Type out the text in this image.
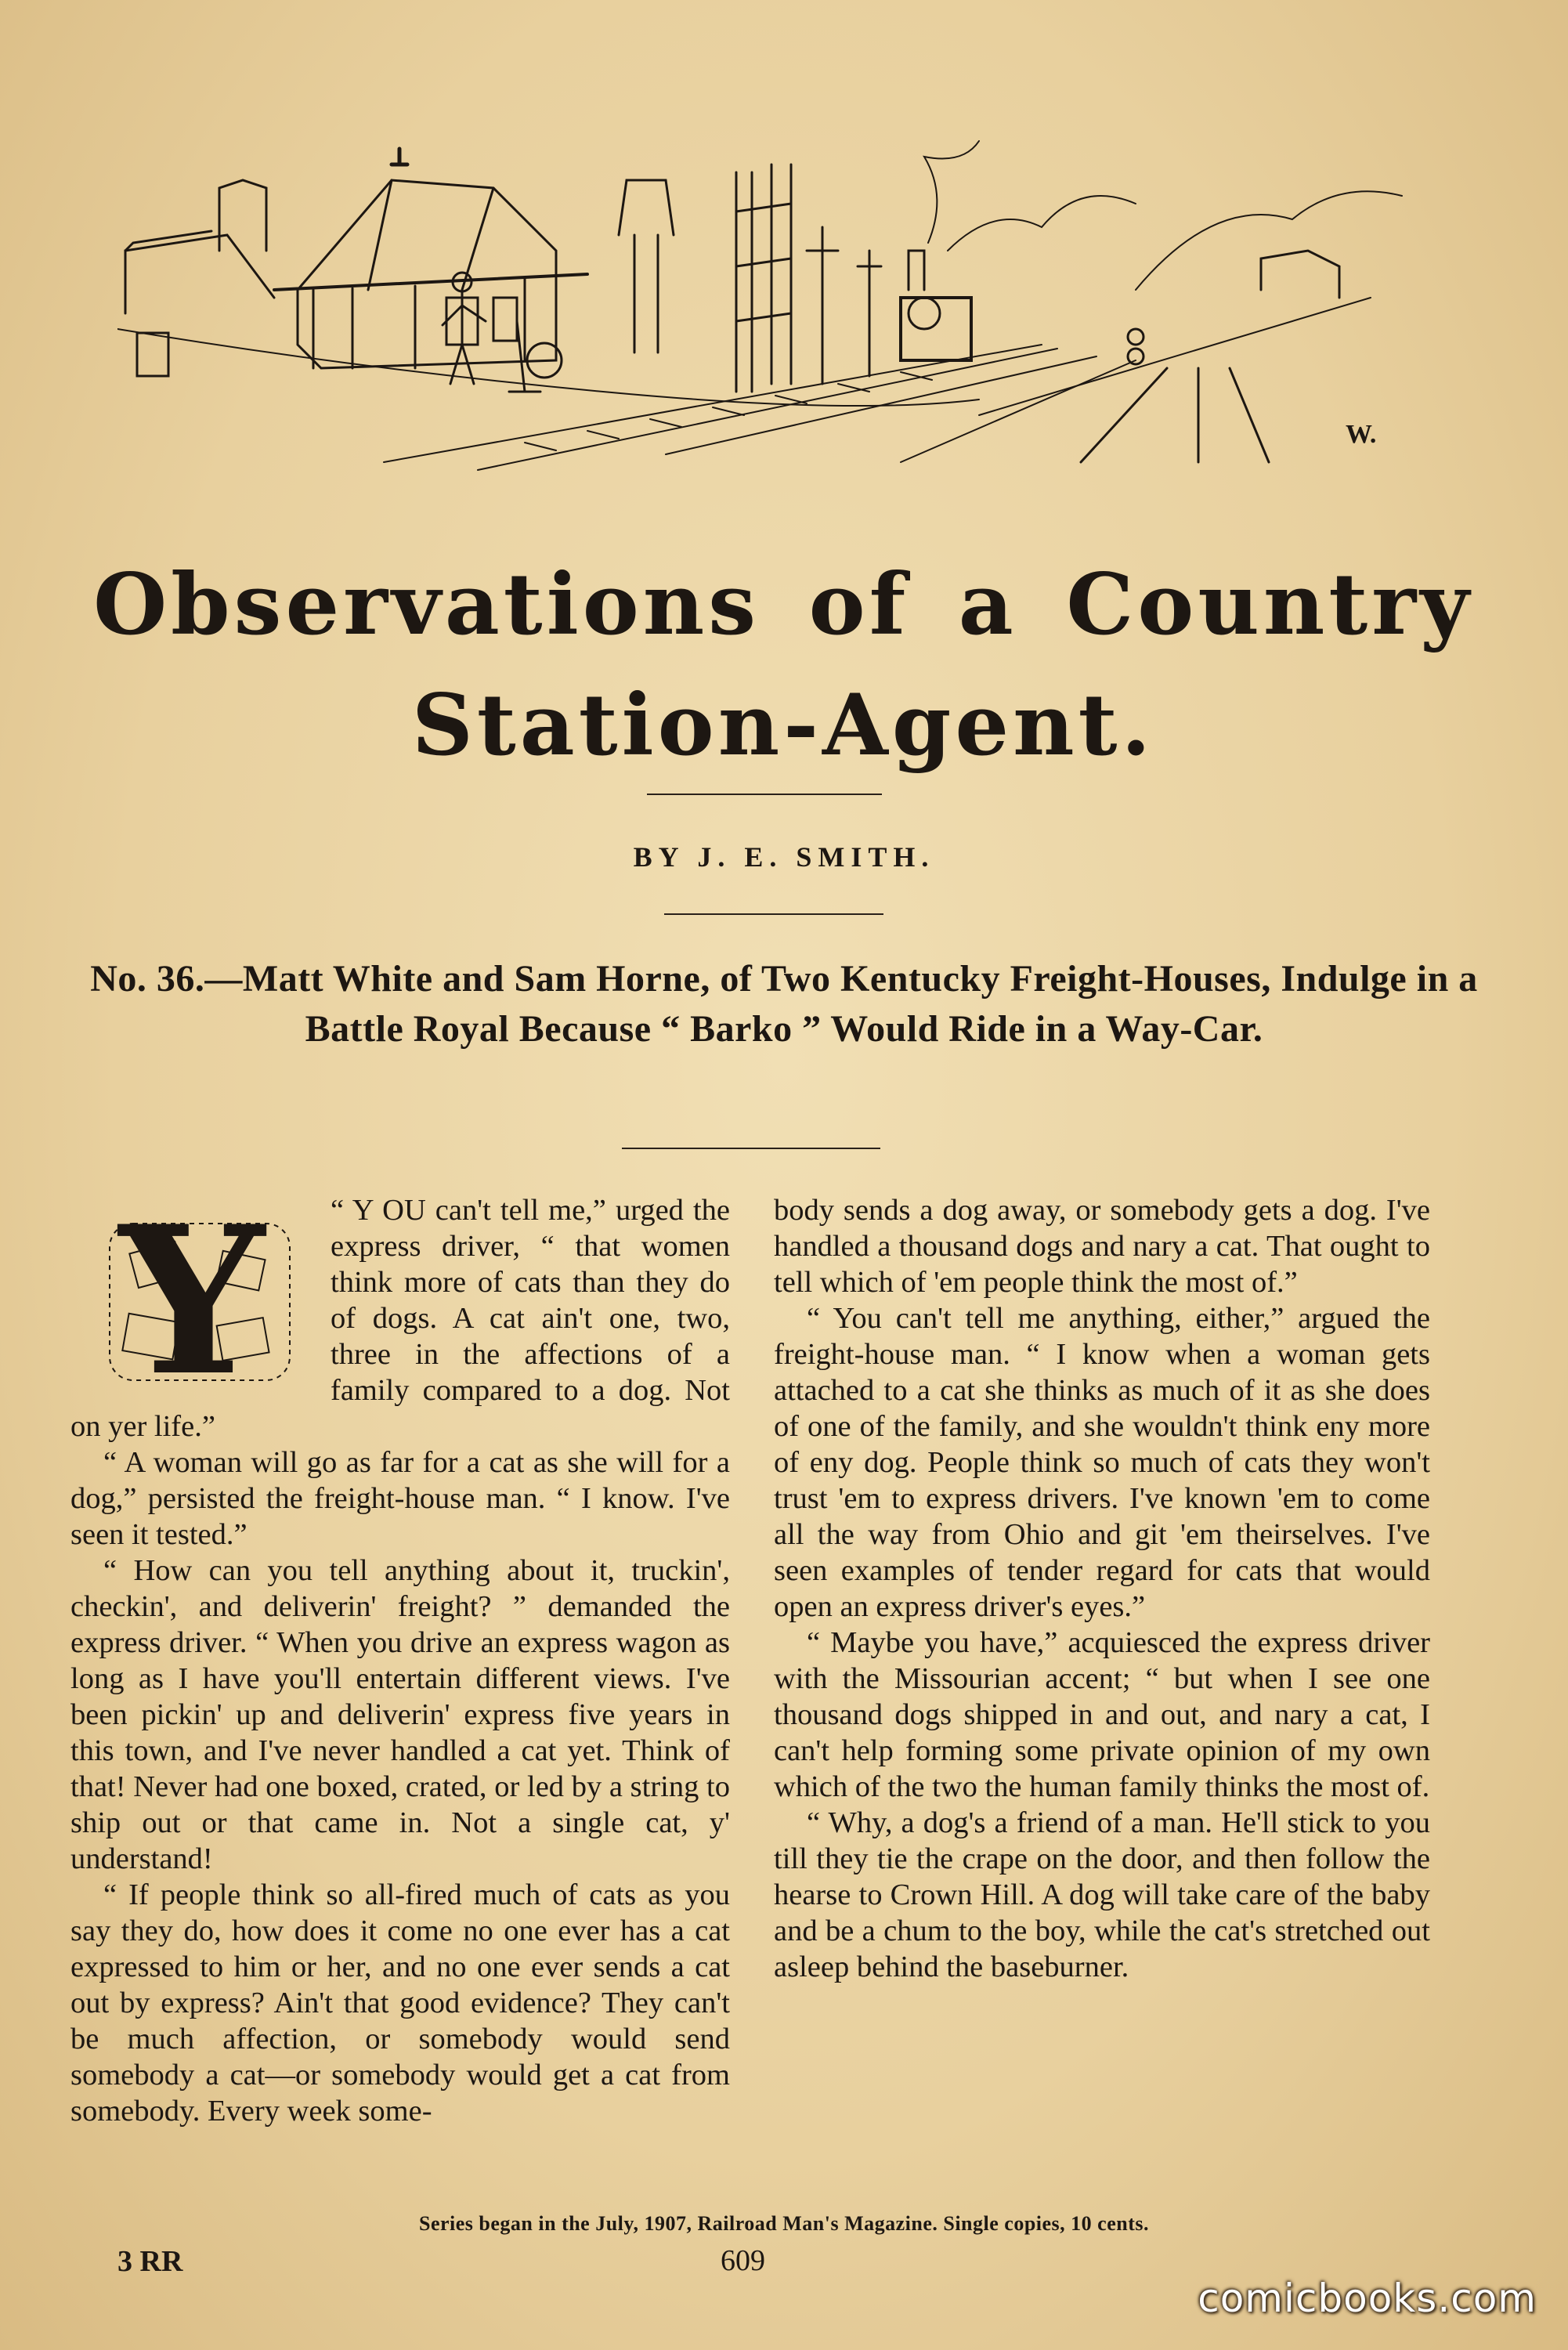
W.
Observations of a Country
Station-Agent.
BY J. E. SMITH.
No. 36.—Matt White and Sam Horne, of Two Kentucky Freight-Houses, Indulge in a Battle Royal Because “ Barko ” Would Ride in a Way-Car.
Y	“ Y OU can't tell me,” urged the express driver, “ that women think more of cats than they do of dogs. A cat ain't one, two, three in the affections of a family compared to a dog. Not on yer life.”

“ A woman will go as far for a cat as she will for a dog,” persisted the freight-house man. “ I know. I've seen it tested.”

“ How can you tell anything about it, truckin', checkin', and deliverin' freight? ” demanded the express driver. “ When you drive an express wagon as long as I have you'll entertain different views. I've been pickin' up and deliverin' express five years in this town, and I've never handled a cat yet. Think of that! Never had one boxed, crated, or led by a string to ship out or that came in. Not a single cat, y' understand!

“ If people think so all-fired much of cats as you say they do, how does it come no one ever has a cat expressed to him or her, and no one ever sends a cat out by express? Ain't that good evidence? They can't be much affection, or somebody would send somebody a cat—or somebody would get a cat from somebody. Every week some-

body sends a dog away, or somebody gets a dog. I've handled a thousand dogs and nary a cat. That ought to tell which of 'em people think the most of.”

“ You can't tell me anything, either,” argued the freight-house man. “ I know when a woman gets attached to a cat she thinks as much of it as she does of one of the family, and she wouldn't think eny more of eny dog. People think so much of cats they won't trust 'em to express drivers. I've known 'em to come all the way from Ohio and git 'em theirselves. I've seen examples of tender regard for cats that would open an express driver's eyes.”

“ Maybe you have,” acquiesced the express driver with the Missourian accent; “ but when I see one thousand dogs shipped in and out, and nary a cat, I can't help forming some private opinion of my own which of the two the human family thinks the most of.

“ Why, a dog's a friend of a man. He'll stick to you till they tie the crape on the door, and then follow the hearse to Crown Hill. A dog will take care of the baby and be a chum to the boy, while the cat's stretched out asleep behind the baseburner.

Series began in the July, 1907, Railroad Man's Magazine. Single copies, 10 cents.
3 RR	609
comicbooks.com
